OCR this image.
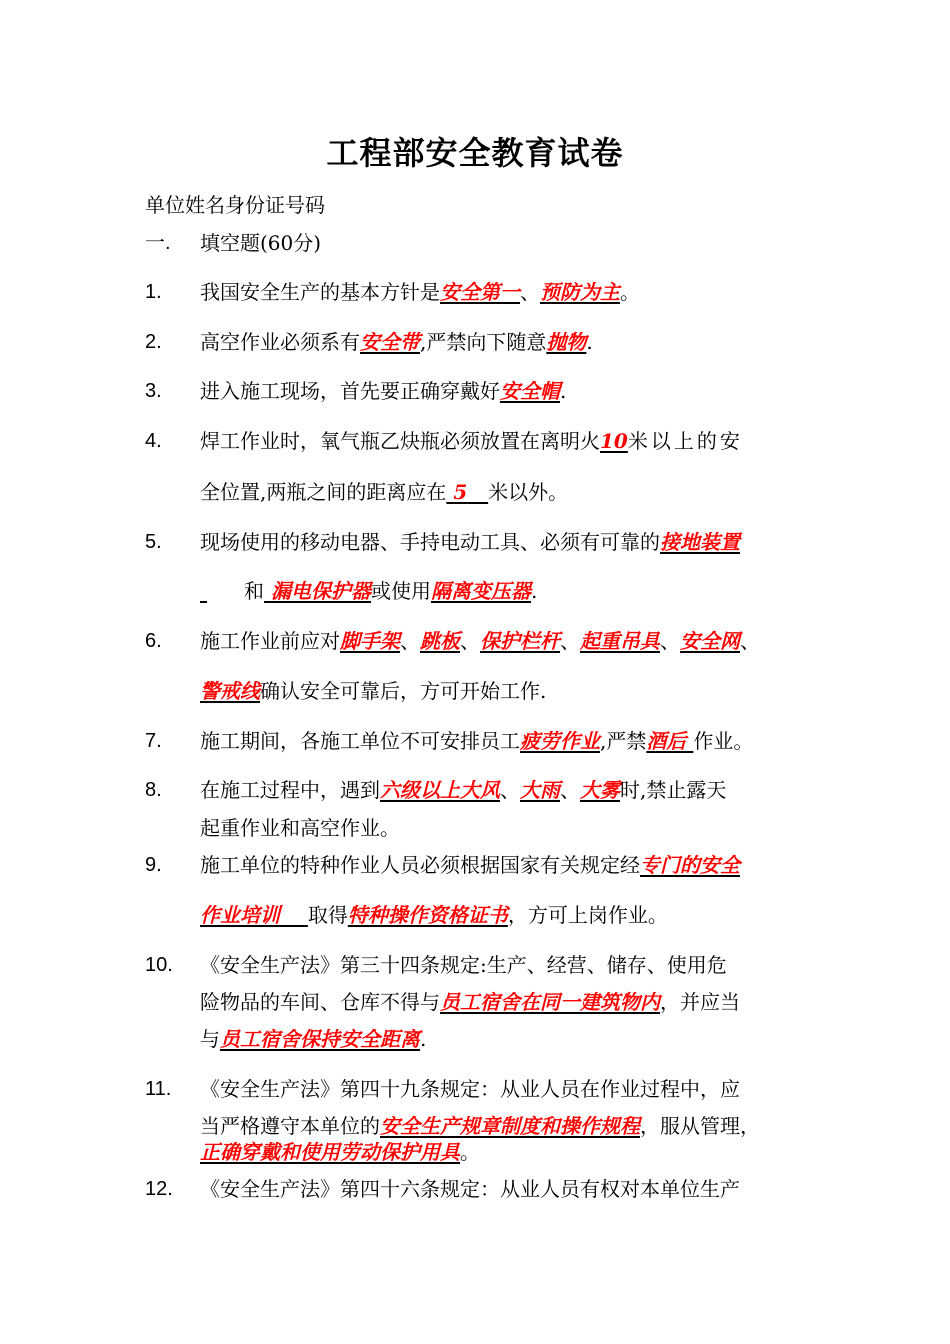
工程部安全教育试卷
单位姓名身份证号码
一. 填空题(60分)
1. 我国安全生产的基本方针是安全第一、预防为主。
2. 高空作业必须系有安全带,严禁向下随意抛物.
3. 进入施工现场，首先要正确穿戴好安全帽.
4. 焊工作业时，氧气瓶乙炔瓶必须放置在离明火10米以上的安
全位置,两瓶之间的距离应在 5 米以外。
5. 现场使用的移动电器、手持电动工具、必须有可靠的接地装置
和 漏电保护器或使用隔离变压器.
6. 施工作业前应对脚手架、跳板、保护栏杆、起重吊具、安全网、
警戒线确认安全可靠后，方可开始工作.
7. 施工期间，各施工单位不可安排员工疲劳作业,严禁酒后 作业。
8. 在施工过程中，遇到六级以上大风、大雨、大雾时,禁止露天
起重作业和高空作业。
9. 施工单位的特种作业人员必须根据国家有关规定经专门的安全
作业培训 取得特种操作资格证书，方可上岗作业。
10. 《安全生产法》第三十四条规定:生产、经营、储存、使用危
险物品的车间、仓库不得与员工宿舍在同一建筑物内，并应当
与员工宿舍保持安全距离.
11. 《安全生产法》第四十九条规定：从业人员在作业过程中，应
当严格遵守本单位的安全生产规章制度和操作规程，服从管理，
正确穿戴和使用劳动保护用具。
12. 《安全生产法》第四十六条规定：从业人员有权对本单位生产
